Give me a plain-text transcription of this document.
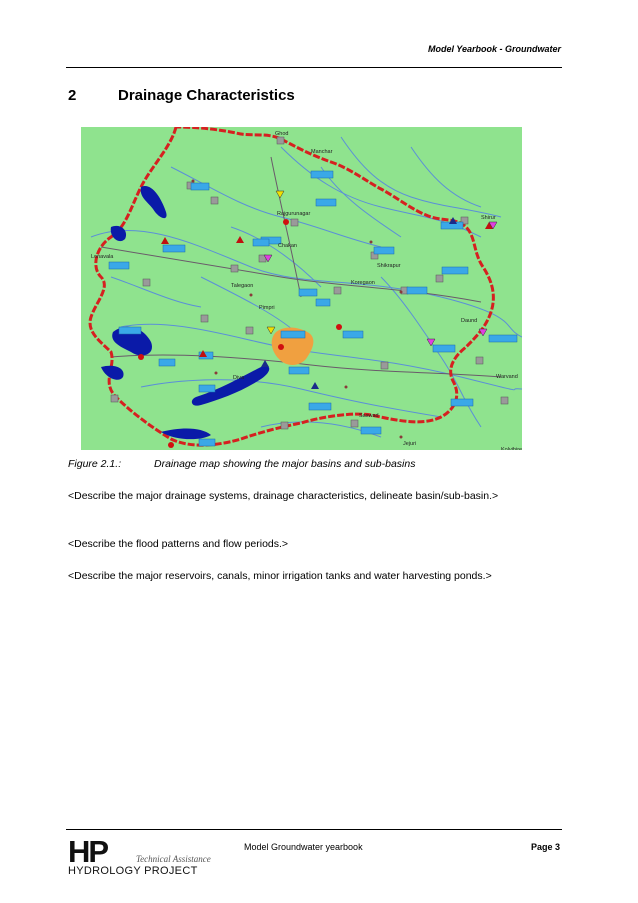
Model Yearbook - Groundwater
2	Drainage Characteristics
Ghod
Manchar
Rajgurunagar
Chakan
Shirur
Lonavala
Talegaon	Koregaon
Shikrapur
Pimpri
Daund
Warvand
Diva
Saswad
Jejuri
Kolvihire
Figure 2.1.:	Drainage map showing the major basins and sub-basins
<Describe the major drainage systems, drainage characteristics, delineate basin/sub-basin.>
<Describe the flood patterns and flow periods.>
<Describe the major reservoirs, canals, minor irrigation tanks and water harvesting ponds.>
HP	Technical Assistance
HYDROLOGY PROJECT
Model Groundwater yearbook	Page 3
